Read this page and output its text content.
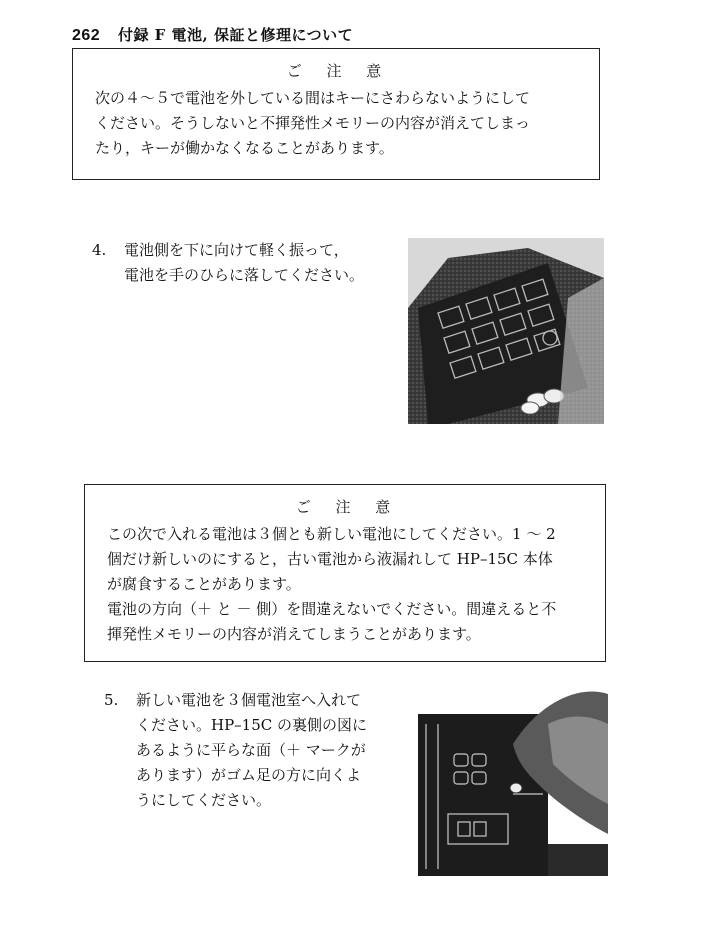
262 付録 F 電池, 保証と修理について
ご 注 意

次の４～５で電池を外している間はキーにさわらないようにして

ください。そうしないと不揮発性メモリーの内容が消えてしまっ

たり，キーが働かなくなることがあります。

4. 電池側を下に向けて軽く振って，
電池を手のひらに落してください。
ご 注 意

この次で入れる電池は３個とも新しい電池にしてください。1 ～ 2

個だけ新しいのにすると，古い電池から液漏れして HP–15C 本体

が腐食することがあります。

電池の方向（＋ と － 側）を間違えないでください。間違えると不

揮発性メモリーの内容が消えてしまうことがあります。

5. 新しい電池を３個電池室へ入れて
ください。HP–15C の裏側の図に
あるように平らな面（＋ マークが
あります）がゴム足の方に向くよ
うにしてください。
